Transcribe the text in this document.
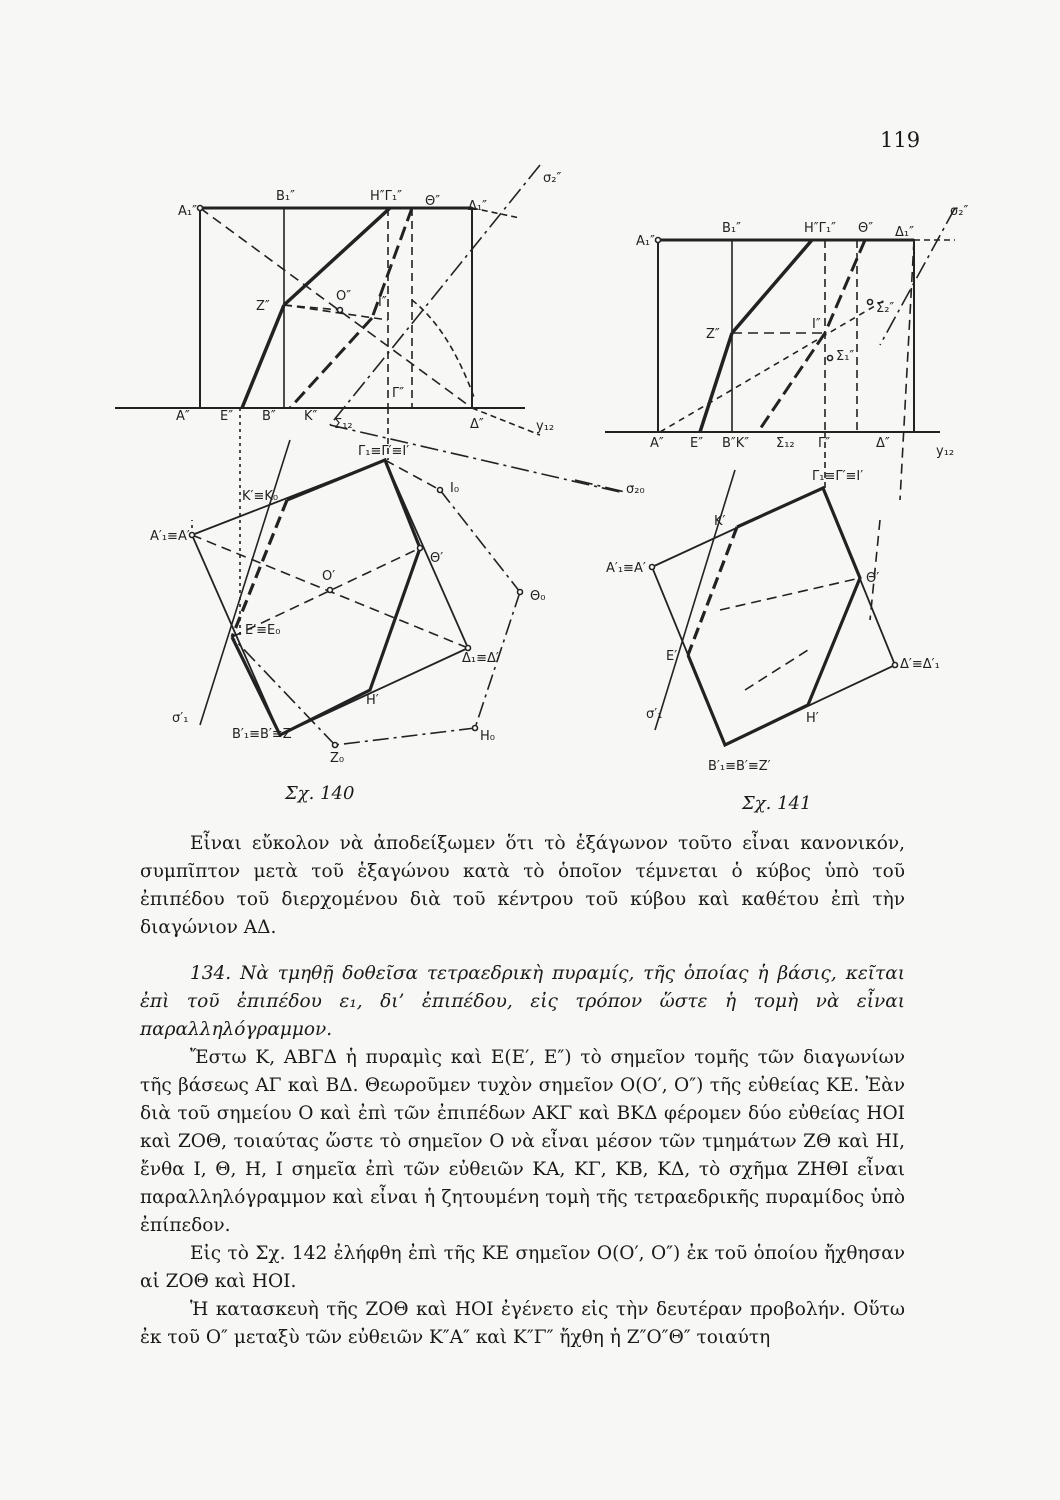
119
A₁″
B₁″	Η″Γ₁″ Θ″ Δ₁″
σ₂″
Ζ″
Ο″ Ι″
Γ″
Α″ Ε″ Β″ Κ″
Σ₁₂	Δ″	y₁₂
Γ₁≡Γ′≡Ι′
Κ′≡Κ₀
Ι₀	σ₂₀
Α′₁≡Α′
Ο′
Θ′
Θ₀
Ε′≡Ε₀
Δ₁≡Δ′
σ′₁
Η′
Β′₁≡Β′≡Ζ′
Ζ₀
Η₀
A₁″
B₁″	Η″Γ₁″ Θ″ Δ₁″
σ₂″
Ζ″
Ι″
Σ₂″
Σ₁″
Α″ Ε″ Β″Κ″ Σ₁₂ Γ″	Δ″
y₁₂
Γ₁≡Γ′≡Ι′
Κ′
Α′₁≡Α′
Θ′
Ε′
Δ′≡Δ′₁
σ′₁	Η′
Β′₁≡Β′≡Ζ′
Σχ. 140	Σχ. 141

Εἶναι εὔκολον νὰ ἀποδείξωμεν ὅτι τὸ ἑξάγωνον τοῦτο εἶναι κανονικόν, συμπῖπτον μετὰ τοῦ ἑξαγώνου κατὰ τὸ ὁποῖον τέμνεται ὁ κύβος ὑπὸ τοῦ ἐπιπέδου τοῦ διερχομένου διὰ τοῦ κέντρου τοῦ κύβου καὶ καθέτου ἐπὶ τὴν διαγώνιον ΑΔ.

134. Νὰ τμηθῇ δοθεῖσα τετραεδρικὴ πυραμίς, τῆς ὁποίας ἡ βάσις, κεῖται ἐπὶ τοῦ ἐπιπέδου ε₁, δι’ ἐπιπέδου, εἰς τρόπον ὥστε ἡ τομὴ νὰ εἶναι παραλληλόγραμμον.

Ἔστω Κ, ΑΒΓΔ ἡ πυραμὶς καὶ Ε(Ε′, Ε″) τὸ σημεῖον τομῆς τῶν διαγωνίων τῆς βάσεως ΑΓ καὶ ΒΔ. Θεωροῦμεν τυχὸν σημεῖον Ο(Ο′, Ο″) τῆς εὐθείας ΚΕ. Ἐὰν διὰ τοῦ σημείου Ο καὶ ἐπὶ τῶν ἐπιπέδων ΑΚΓ καὶ ΒΚΔ φέρομεν δύο εὐθείας ΗΟΙ καὶ ΖΟΘ, τοιαύτας ὥστε τὸ σημεῖον Ο νὰ εἶναι μέσον τῶν τμημάτων ΖΘ καὶ ΗΙ, ἔνθα Ι, Θ, Η, Ι σημεῖα ἐπὶ τῶν εὐθειῶν ΚΑ, ΚΓ, ΚΒ, ΚΔ, τὸ σχῆμα ΖΗΘΙ εἶναι παραλληλόγραμμον καὶ εἶναι ἡ ζητουμένη τομὴ τῆς τετραεδρικῆς πυραμίδος ὑπὸ ἐπίπεδον.

Εἰς τὸ Σχ. 142 ἐλήφθη ἐπὶ τῆς ΚΕ σημεῖον Ο(Ο′, Ο″) ἐκ τοῦ ὁποίου ἤχθησαν αἱ ΖΟΘ καὶ ΗΟΙ.

Ἡ κατασκευὴ τῆς ΖΟΘ καὶ ΗΟΙ ἐγένετο εἰς τὴν δευτέραν προβολήν. Οὕτω ἐκ τοῦ Ο″ μεταξὺ τῶν εὐθειῶν Κ″Α″ καὶ Κ″Γ″ ἤχθη ἡ Ζ″Ο″Θ″ τοιαύτη
